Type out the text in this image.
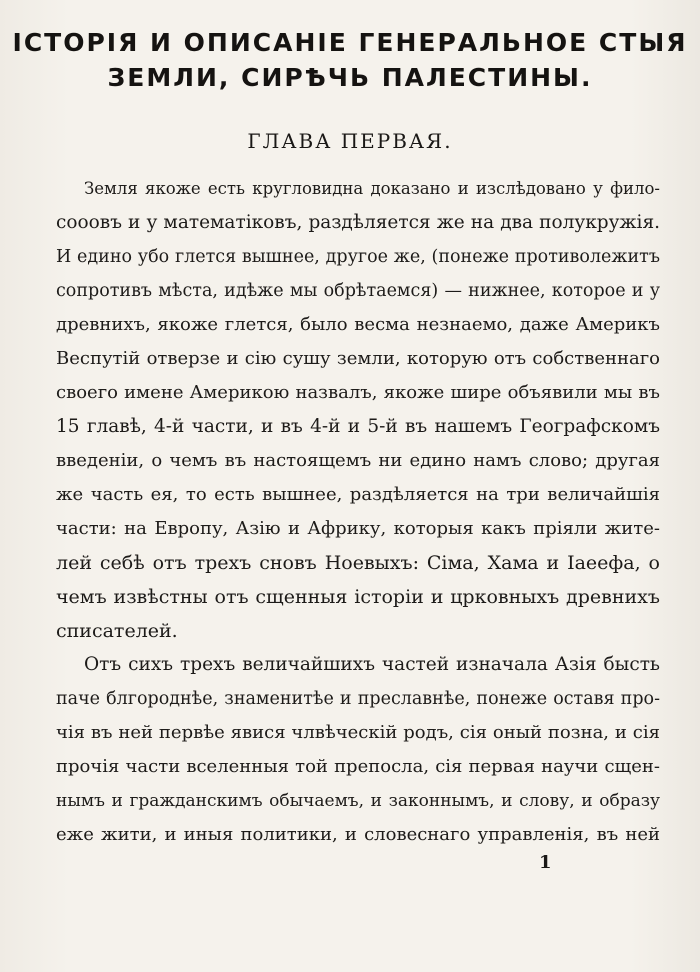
ІСТОРІЯ И ОПИСАНІЕ ГЕНЕРАЛЬНОЕ СТЫЯ
ЗЕМЛИ, СИРѢЧЬ ПАЛЕСТИНЫ.
ГЛАВА ПЕРВАЯ.
Земля якоже есть кругловидна доказано и изслѣдовано у фило-
сооовъ и у математіковъ, раздѣляется же на два полукружія.
И едино убо глется вышнее, другое же, (понеже противолежитъ
сопротивъ мѣста, идѣже мы обрѣтаемся) — нижнее, которое и у
древнихъ, якоже глется, было весма незнаемо, даже Америкъ
Веспутій отверзе и сію сушу земли, которую отъ собственнаго
своего имене Америкою назвалъ, якоже шире объявили мы въ
15 главѣ, 4-й части, и въ 4-й и 5-й въ нашемъ Географскомъ
введеніи, о чемъ въ настоящемъ ни едино намъ слово; другая
же часть ея, то есть вышнее, раздѣляется на три величайшія
части: на Европу, Азію и Африку, которыя какъ пріяли жите-
лей себѣ отъ трехъ сновъ Ноевыхъ: Сіма, Хама и Іаеефа, о
чемъ извѣстны отъ сщенныя історіи и црковныхъ древнихъ
списателей.
Отъ сихъ трехъ величайшихъ частей изначала Азія бысть
паче блгороднѣе, знаменитѣе и преславнѣе, понеже оставя про-
чія въ ней первѣе явися члвѣческій родъ, сія оный позна, и сія
прочія части вселенныя той препосла, сія первая научи сщен-
нымъ и гражданскимъ обычаемъ, и законнымъ, и слову, и образу
еже жити, и иныя политики, и словеснаго управленія, въ ней
1
